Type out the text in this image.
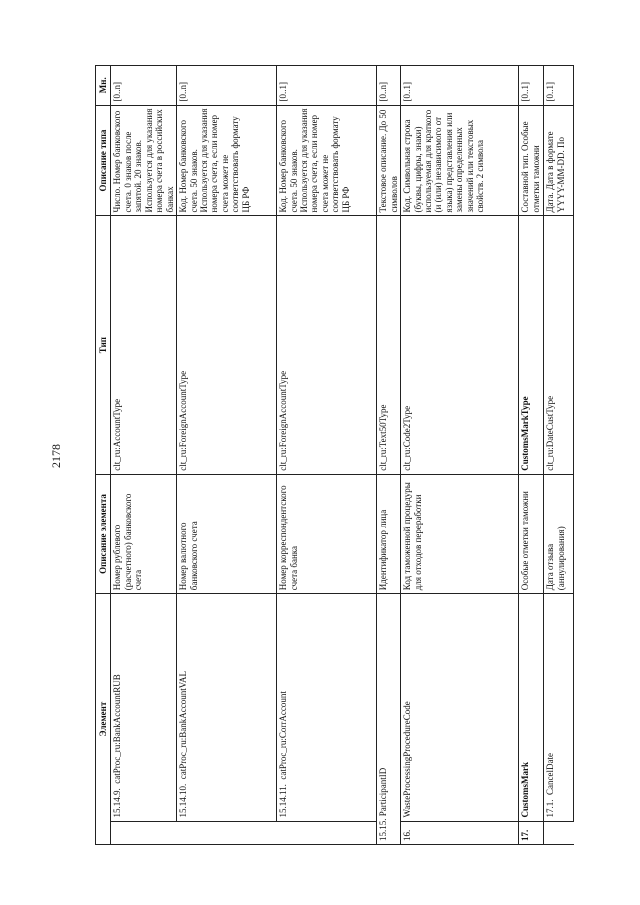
2178
Элемент		Описание элемента	Тип	Описание типа	Мн.
	15.14.9.  catProc_ru:BankAccountRUB	Номер рублевого (расчетного) банковского счета	clt_ru:AccountType	Число. Номер банковского счета. 0 знаков после запятой. 20 знаков. Используется для указания номера счета в российских банках	[0..n]
	15.14.10.  catProc_ru:BankAccountVAL	Номер валютного банковского счета	clt_ru:ForeignAccountType	Код. Номер банковского счета. 50 знаков. Используется для указания номера счета, если номер счета может не соответствовать формату ЦБ РФ	[0..n]
	15.14.11.  catProc_ru:CorrAccount	Номер корреспондентского счета банка	clt_ru:ForeignAccountType	Код. Номер банковского счета. 50 знаков. Используется для указания номера счета, если номер счета может не соответствовать формату ЦБ РФ	[0..1]
15.15. ParticipantID		Идентификатор лица	clt_ru:Text50Type	Текстовое описание. До 50 символов	[0..n]
16.	WasteProcessingProcedureCode	Код таможенной процедуры для отходов переработки	clt_ru:Code2Type	Код. Символьная строка (буквы, цифры, знаки) используемая для краткого (и (или) независимого от языка) представления или замены определенных значений или текстовых свойств. 2 символа	[0..1]
17.	CustomsMark	Особые отметки таможни	CustomsMarkType	Составной тип. Особые отметки таможни	[0..1]
	17.1.  CancelDate	Дата отзыва (аннулирования)	clt_ru:DateCustType	Дата. Дата в формате YYYY-MM-DD. По	[0..1]
